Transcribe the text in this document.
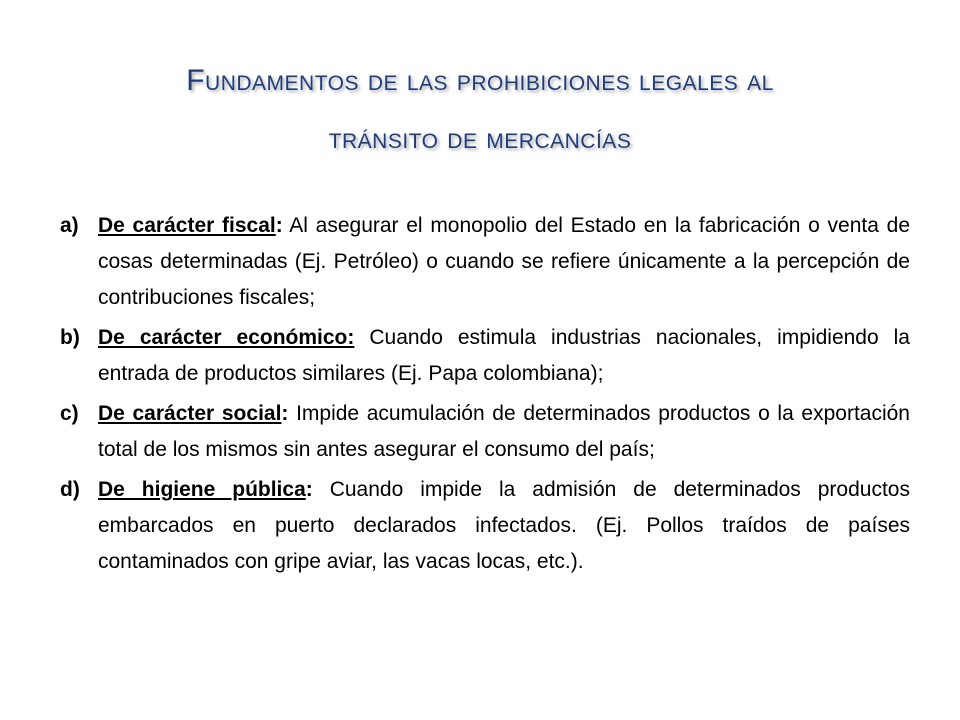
Fundamentos de las prohibiciones legales al
tránsito de mercancías
a) De carácter fiscal: Al asegurar el monopolio del Estado en la fabricación o venta de cosas determinadas (Ej. Petróleo) o cuando se refiere únicamente a la percepción de contribuciones fiscales;
b) De carácter económico: Cuando estimula industrias nacionales, impidiendo la entrada de productos similares (Ej. Papa colombiana);
c) De carácter social: Impide acumulación de determinados productos o la exportación total de los mismos sin antes asegurar el consumo del país;
d) De higiene pública: Cuando impide la admisión de determinados productos embarcados en puerto declarados infectados. (Ej. Pollos traídos de países contaminados con gripe aviar, las vacas locas, etc.).
